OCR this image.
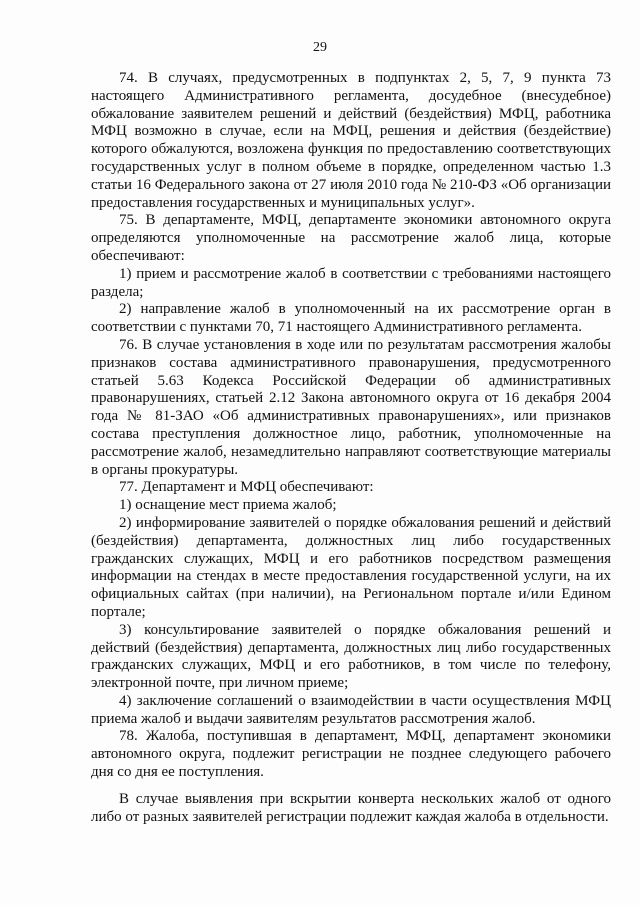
29

74. В случаях, предусмотренных в подпунктах 2, 5, 7, 9 пункта 73 настоящего Административного регламента, досудебное (внесудебное) обжалование заявителем решений и действий (бездействия) МФЦ, работника МФЦ возможно в случае, если на МФЦ, решения и действия (бездействие) которого обжалуются, возложена функция по предоставлению соответствующих государственных услуг в полном объеме в порядке, определенном частью 1.3 статьи 16 Федерального закона от 27 июля 2010 года № 210-ФЗ «Об организации предоставления государственных и муниципальных услуг».

75. В департаменте, МФЦ, департаменте экономики автономного округа определяются уполномоченные на рассмотрение жалоб лица, которые обеспечивают:

1) прием и рассмотрение жалоб в соответствии с требованиями настоящего раздела;

2) направление жалоб в уполномоченный на их рассмотрение орган в соответствии с пунктами 70, 71 настоящего Административного регламента.

76. В случае установления в ходе или по результатам рассмотрения жалобы признаков состава административного правонарушения, предусмотренного статьей 5.63 Кодекса Российской Федерации об административных правонарушениях, статьей 2.12 Закона автономного округа от 16 декабря 2004 года № 81-ЗАО «Об административных правонарушениях», или признаков состава преступления должностное лицо, работник, уполномоченные на рассмотрение жалоб, незамедлительно направляют соответствующие материалы в органы прокуратуры.

77. Департамент и МФЦ обеспечивают:

1) оснащение мест приема жалоб;

2) информирование заявителей о порядке обжалования решений и действий (бездействия) департамента, должностных лиц либо государственных гражданских служащих, МФЦ и его работников посредством размещения информации на стендах в месте предоставления государственной услуги, на их официальных сайтах (при наличии), на Региональном портале и/или Едином портале;

3) консультирование заявителей о порядке обжалования решений и действий (бездействия) департамента, должностных лиц либо государственных гражданских служащих, МФЦ и его работников, в том числе по телефону, электронной почте, при личном приеме;

4) заключение соглашений о взаимодействии в части осуществления МФЦ приема жалоб и выдачи заявителям результатов рассмотрения жалоб.

78. Жалоба, поступившая в департамент, МФЦ, департамент экономики автономного округа, подлежит регистрации не позднее следующего рабочего дня со дня ее поступления.

В случае выявления при вскрытии конверта нескольких жалоб от одного либо от разных заявителей регистрации подлежит каждая жалоба в отдельности.
